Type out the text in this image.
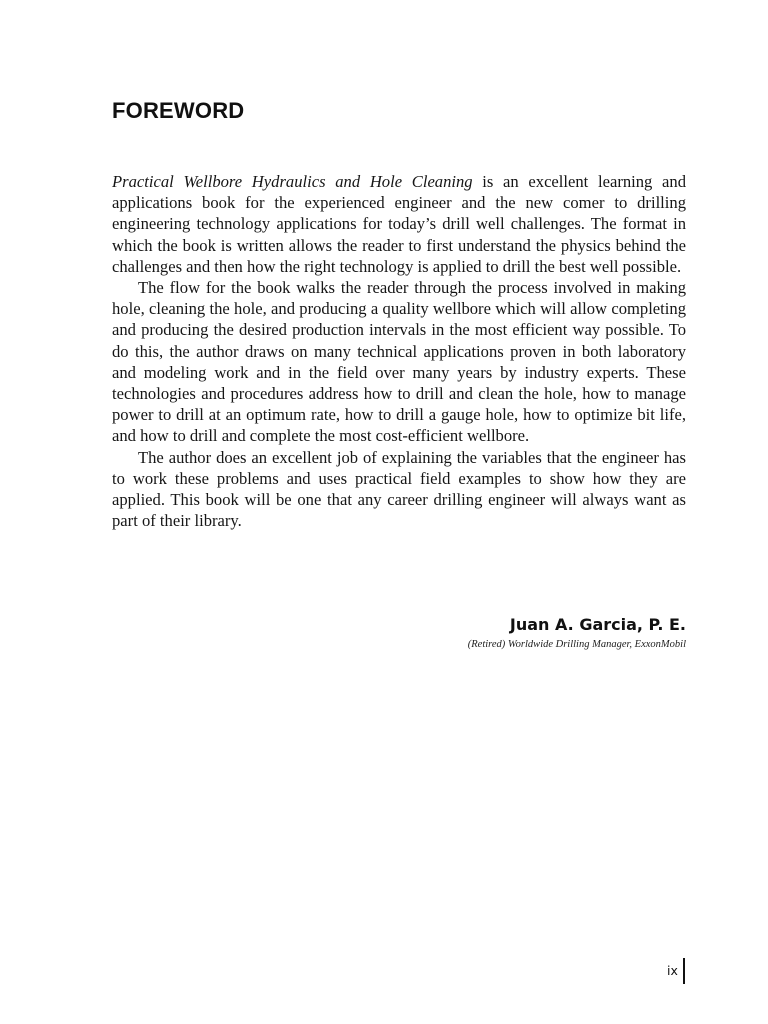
FOREWORD

Practical Wellbore Hydraulics and Hole Cleaning is an excellent learning and applications book for the experienced engineer and the new comer to drilling engineering technology applications for today’s drill well challenges. The format in which the book is written allows the reader to first understand the physics behind the challenges and then how the right technology is applied to drill the best well possible.

The flow for the book walks the reader through the process involved in making hole, cleaning the hole, and producing a quality wellbore which will allow completing and producing the desired production intervals in the most efficient way possible. To do this, the author draws on many technical applications proven in both laboratory and modeling work and in the field over many years by industry experts. These technologies and procedures address how to drill and clean the hole, how to manage power to drill at an optimum rate, how to drill a gauge hole, how to optimize bit life, and how to drill and complete the most cost-efficient wellbore.

The author does an excellent job of explaining the variables that the engineer has to work these problems and uses practical field examples to show how they are applied. This book will be one that any career drilling engineer will always want as part of their library.

Juan A. Garcia, P. E.
(Retired) Worldwide Drilling Manager, ExxonMobil
ix
